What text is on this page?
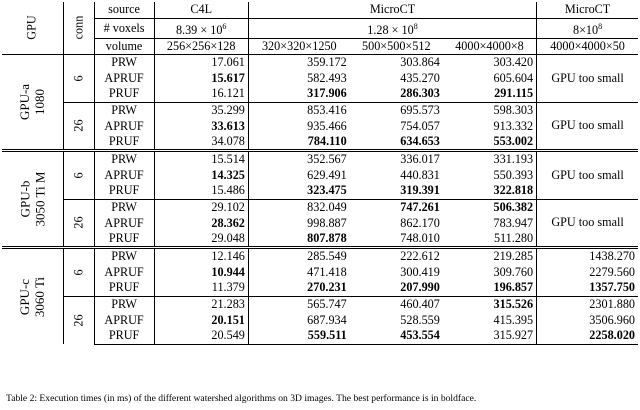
GPU	conn	source	C4L	MicroCT			MicroCT
		# voxels	$8.39 \times 10^6$	$1.28 \times 10^8$			$8\times 10^8$
		volume	256×256×128	320×320×1250	500×500×512	4000×4000×8	4000×4000×50

GPU-a 1080	6	PRW	17.061	359.172	303.864	303.420	GPU too small
		APRUF	15.617	582.493	435.270	605.604	
		PRUF	16.121	317.906	286.303	291.115	
	26	PRW	35.299	853.416	695.573	598.303	GPU too small
		APRUF	33.613	935.466	754.057	913.332	
		PRUF	34.078	784.110	634.653	553.002	

GPU-b 3050 Ti M	6	PRW	15.514	352.567	336.017	331.193	GPU too small
		APRUF	14.325	629.491	440.831	550.393	
		PRUF	15.486	323.475	319.391	322.818	
	26	PRW	29.102	832.049	747.261	506.382	GPU too small
		APRUF	28.362	998.887	862.170	783.947	
		PRUF	29.048	807.878	748.010	511.280	

GPU-c 3060 Ti	6	PRW	12.146	285.549	222.612	219.285	1438.270
		APRUF	10.944	471.418	300.419	309.760	2279.560
		PRUF	11.379	270.231	207.990	196.857	1357.750
	26	PRW	21.283	565.747	460.407	315.526	2301.880
		APRUF	20.151	687.934	528.559	415.395	3506.960
		PRUF	20.549	559.511	453.554	315.927	2258.020
Table 2: Execution times (in ms) of the different watershed algorithms on 3D images. The best performance is in boldface.
